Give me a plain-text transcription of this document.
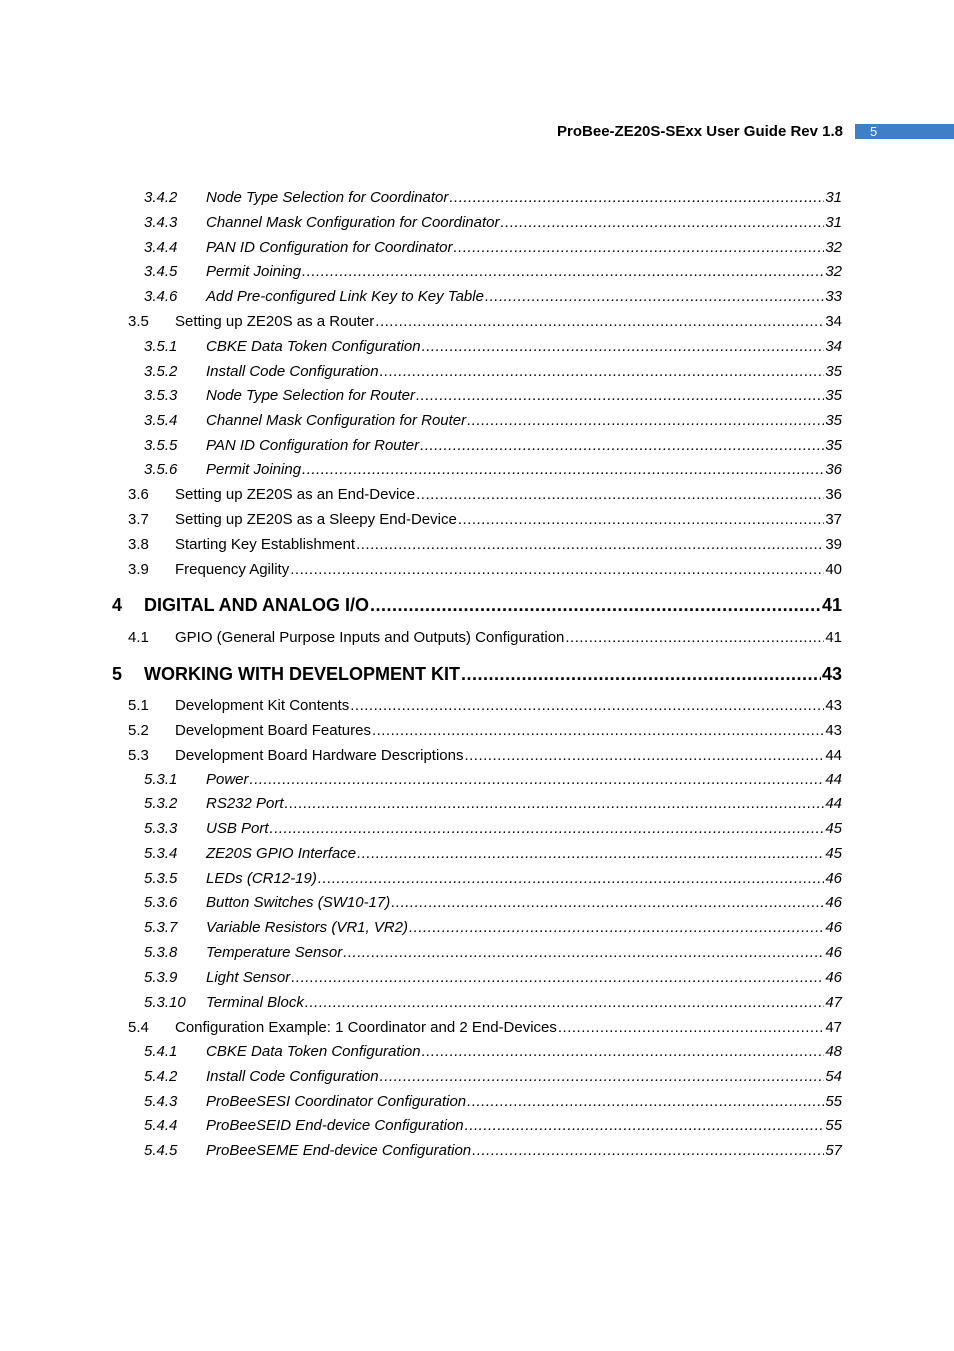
ProBee-ZE20S-SExx User Guide Rev 1.8	5
3.4.2	Node Type Selection for Coordinator .....	31
3.4.3	Channel Mask Configuration for Coordinator .....	31
3.4.4	PAN ID Configuration for Coordinator .....	32
3.4.5	Permit Joining .....	32
3.4.6	Add Pre-configured Link Key to Key Table .....	33
3.5	Setting up ZE20S as a Router .....	34
3.5.1	CBKE Data Token Configuration .....	34
3.5.2	Install Code Configuration .....	35
3.5.3	Node Type Selection for Router .....	35
3.5.4	Channel Mask Configuration for Router .....	35
3.5.5	PAN ID Configuration for Router .....	35
3.5.6	Permit Joining .....	36
3.6	Setting up ZE20S as an End-Device .....	36
3.7	Setting up ZE20S as a Sleepy End-Device .....	37
3.8	Starting Key Establishment .....	39
3.9	Frequency Agility .....	40
4	DIGITAL AND ANALOG I/O .....	41
4.1	GPIO (General Purpose Inputs and Outputs) Configuration .....	41
5	WORKING WITH DEVELOPMENT KIT .....	43
5.1	Development Kit Contents .....	43
5.2	Development Board Features .....	43
5.3	Development Board Hardware Descriptions .....	44
5.3.1	Power .....	44
5.3.2	RS232 Port .....	44
5.3.3	USB Port .....	45
5.3.4	ZE20S GPIO Interface .....	45
5.3.5	LEDs (CR12-19) .....	46
5.3.6	Button Switches (SW10-17) .....	46
5.3.7	Variable Resistors (VR1, VR2) .....	46
5.3.8	Temperature Sensor .....	46
5.3.9	Light Sensor .....	46
5.3.10	Terminal Block .....	47
5.4	Configuration Example: 1 Coordinator and 2 End-Devices .....	47
5.4.1	CBKE Data Token Configuration .....	48
5.4.2	Install Code Configuration .....	54
5.4.3	ProBeeSESI Coordinator Configuration .....	55
5.4.4	ProBeeSEID End-device Configuration .....	55
5.4.5	ProBeeSEME End-device Configuration .....	57
